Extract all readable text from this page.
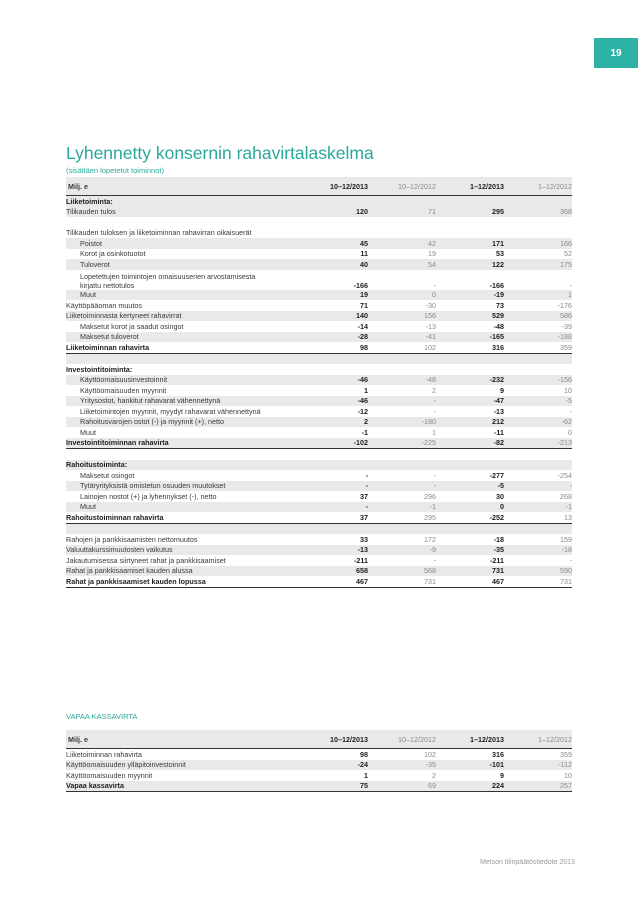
19
Lyhennetty konsernin rahavirtalaskelma
(sisältäen lopetetut toiminnot)
Milj. e	10–12/2013	10–12/2012	1–12/2013	1–12/2012
Liiketoiminta:
Tilikauden tulos	120	71	295	368
Tilikauden tuloksen ja liiketoiminnan rahavirran oikaisuerät
Poistot	45	42	171	166
Korot ja osinkotuotot	11	19	53	52
Tuloverot	40	54	122	175
Lopetettujen toimintojen omaisuuserien arvostamisesta kirjattu nettotulos	-166	-	-166	-
Muut	19	0	-19	1
Käyttöpääoman muutos	71	-30	73	-176
Liiketoiminnasta kertyneet rahavirrat	140	156	529	586
Maksetut korot ja saadut osingot	-14	-13	-48	-39
Maksetut tuloverot	-28	-41	-165	-188
Liiketoiminnan rahavirta	98	102	316	359
Investointitoiminta:
Käyttöomaisuusinvestoinnit	-46	-48	-232	-156
Käyttöomaisuuden myynnit	1	2	9	10
Yritysostot, hankitut rahavarat vähennettynä	-46	-	-47	-5
Liiketoimintojen myynnit, myydyt rahavarat vähennettynä	-12	-	-13	-
Rahoitusvarojen ostot (-) ja myynnit (+), netto	2	-180	212	-62
Muut	-1	1	-11	0
Investointitoiminnan rahavirta	-102	-225	-82	-213
Rahoitustoiminta:
Maksetut osingot	-	-	-277	-254
Tytäryrityksistä omistetun osuuden muutokset	-	-	-5	-
Lainojen nostot (+) ja lyhennykset (-), netto	37	296	30	268
Muut	-	-1	0	-1
Rahoitustoiminnan rahavirta	37	295	-252	13
Rahojen ja pankkisaamisten nettomuutos	33	172	-18	159
Valuuttakurssimuutosten vaikutus	-13	-9	-35	-18
Jakautumisessa siirtyneet rahat ja pankkisaamiset	-211	-	-211	-
Rahat ja pankkisaamiset kauden alussa	658	568	731	590
Rahat ja pankkisaamiset kauden lopussa	467	731	467	731
VAPAA KASSAVIRTA
Milj. e	10–12/2013	10–12/2012	1–12/2013	1–12/2012
Liiketoiminnan rahavirta	98	102	316	359
Käyttöomaisuuden ylläpitoinvestoinnit	-24	-35	-101	-112
Käyttöomaisuuden myynnit	1	2	9	10
Vapaa kassavirta	75	69	224	257
Metson tilinpäätöstiedote 2013
